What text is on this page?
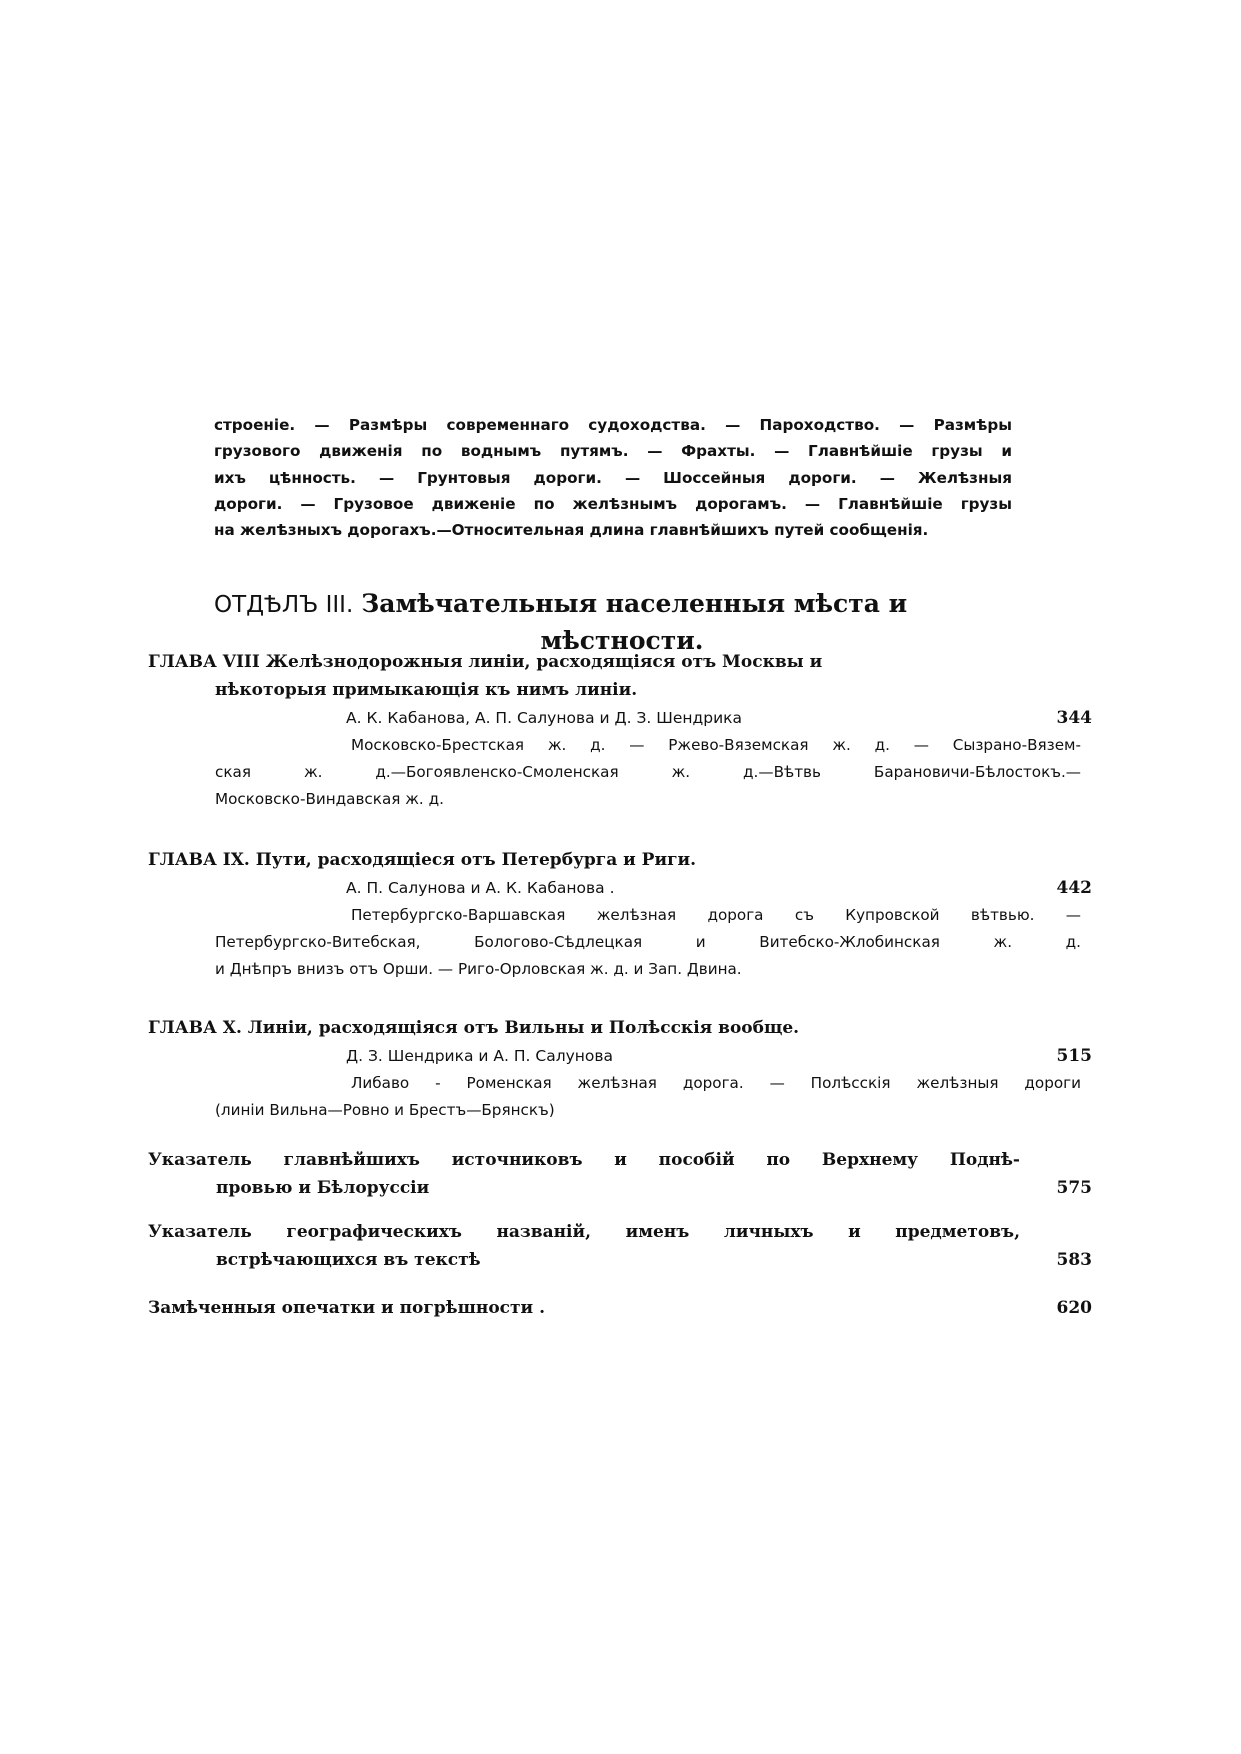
строеніе. — Размѣры современнаго судоходства. — Пароходство. — Размѣры
грузового движенія по воднымъ путямъ. — Фрахты. — Главнѣйшіе грузы и
ихъ цѣнность. — Грунтовыя дороги. — Шоссейныя дороги. — Желѣзныя
дороги. — Грузовое движеніе по желѣзнымъ дорогамъ. — Главнѣйшіе грузы
на желѣзныхъ дорогахъ.—Относительная длина главнѣйшихъ путей сообщенія.
ОТДѢЛЪ III. Замѣчательныя населенныя мѣста и
мѣстности.
ГЛАВА VIII Желѣзнодорожныя линіи, расходящіяся отъ Москвы и
нѣкоторыя примыкающія къ нимъ линіи.
А. К. Кабанова, А. П. Салунова и Д. З. Шендрика	344
Московско-Брестская ж. д. — Ржево-Вяземская ж. д. — Сызрано-Вязем-
ская ж. д.—Богоявленско-Смоленская ж. д.—Вѣтвь Барановичи-Бѣлостокъ.—
Московско-Виндавская ж. д.
ГЛАВА IX. Пути, расходящіеся отъ Петербурга и Риги.
А. П. Салунова и А. К. Кабанова .	442
Петербургско-Варшавская желѣзная дорога съ Купровской вѣтвью. —
Петербургско-Витебская, Бологово-Сѣдлецкая и Витебско-Жлобинская ж. д.
и Днѣпръ внизъ отъ Орши. — Риго-Орловская ж. д. и Зап. Двина.
ГЛАВА X. Линіи, расходящіяся отъ Вильны и Полѣсскія вообще.
Д. З. Шендрика и А. П. Салунова	515
Либаво - Роменская желѣзная дорога. — Полѣсскія желѣзныя дороги
(линіи Вильна—Ровно и Брестъ—Брянскъ)
Указатель главнѣйшихъ источниковъ и пособій по Верхнему Поднѣ-
провью и Бѣлоруссіи	575
Указатель географическихъ названій, именъ личныхъ и предметовъ,
встрѣчающихся въ текстѣ	583
Замѣченныя опечатки и погрѣшности .	620
